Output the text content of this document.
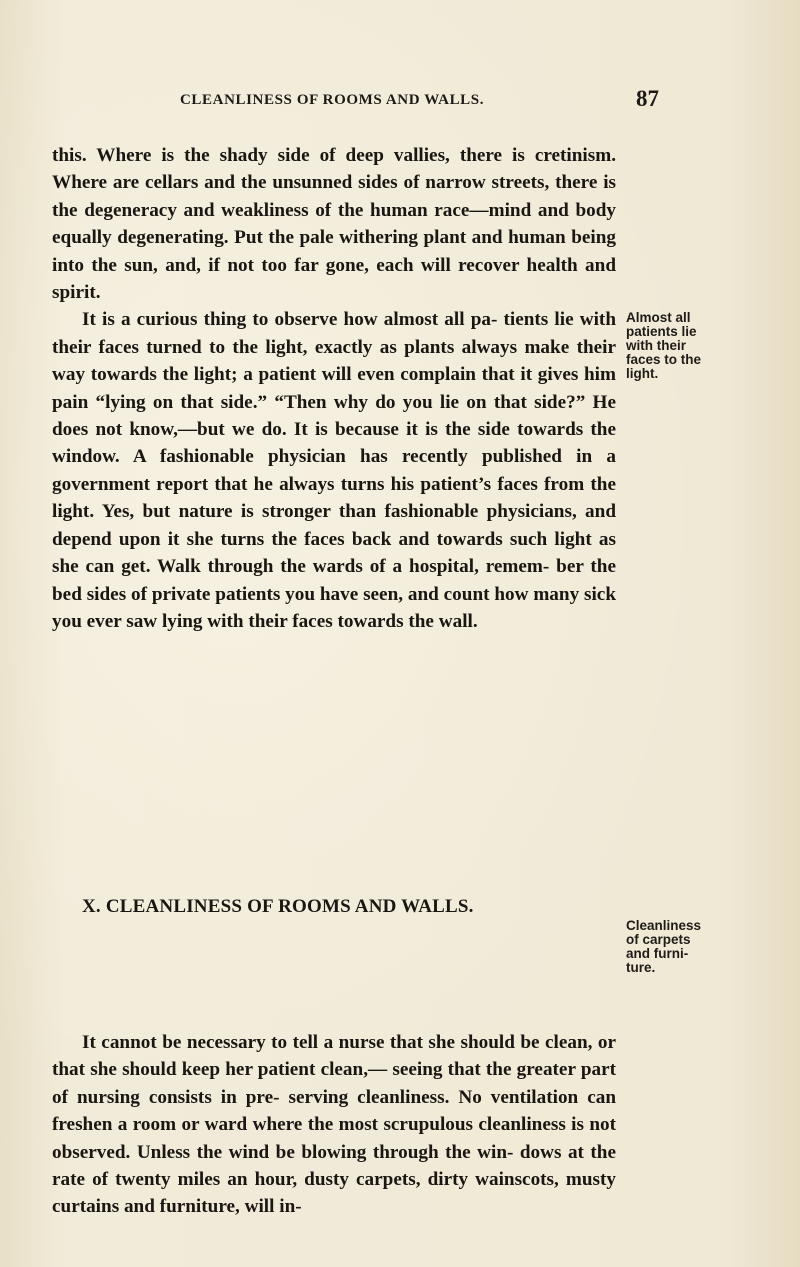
CLEANLINESS OF ROOMS AND WALLS.	87

this. Where is the shady side of deep vallies, there is cretinism. Where are cellars and the unsunned sides of narrow streets, there is the degeneracy and weakliness of the human race—mind and body equally degenerating. Put the pale withering plant and human being into the sun, and, if not too far gone, each will recover health and spirit.

It is a curious thing to observe how almost all pa- tients lie with their faces turned to the light, exactly as plants always make their way towards the light; a patient will even complain that it gives him pain “lying on that side.” “Then why do you lie on that side?” He does not know,—but we do. It is because it is the side towards the window. A fashionable physician has recently published in a government report that he always turns his patient’s faces from the light. Yes, but nature is stronger than fashionable physicians, and depend upon it she turns the faces back and towards such light as she can get. Walk through the wards of a hospital, remem- ber the bed sides of private patients you have seen, and count how many sick you ever saw lying with their faces towards the wall.

Almost all
patients lie
with their
faces to the
light.
X. CLEANLINESS OF ROOMS AND WALLS.

It cannot be necessary to tell a nurse that she should be clean, or that she should keep her patient clean,— seeing that the greater part of nursing consists in pre- serving cleanliness. No ventilation can freshen a room or ward where the most scrupulous cleanliness is not observed. Unless the wind be blowing through the win- dows at the rate of twenty miles an hour, dusty carpets, dirty wainscots, musty curtains and furniture, will in-

Cleanliness
of carpets
and furni-
ture.
